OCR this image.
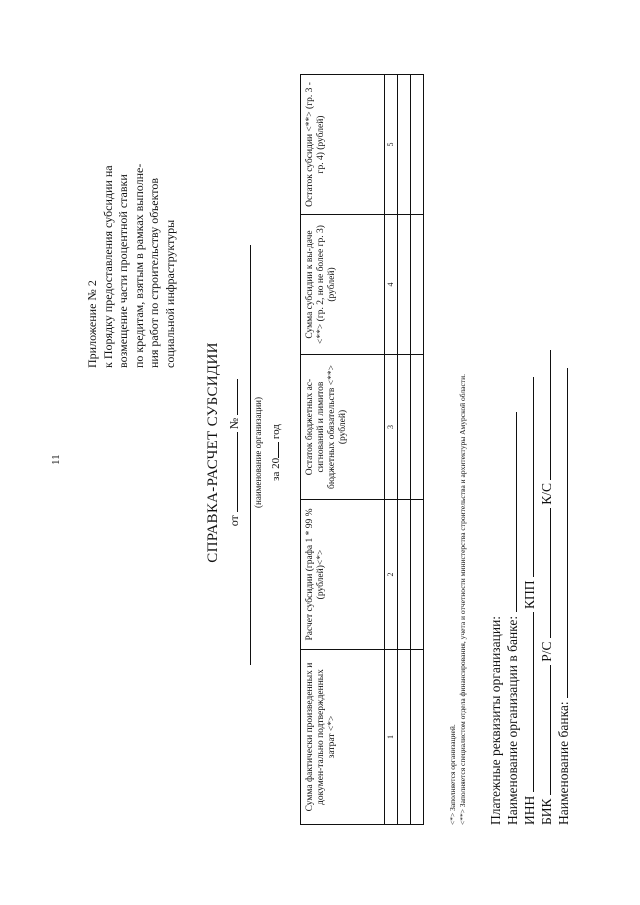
11
Приложение № 2 к Порядку предоставления субсидии на возмещение части процентной ставки по кредитам, взятым в рамках выполне- ния работ по строительству объектов социальной инфраструктуры
СПРАВКА-РАСЧЕТ СУБСИДИИ от  № (наименование организации) за 20 год
Сумма фактически произведенных и докумен-тально подтвержденных затрат <*>	Расчет субсидии (графа 1 * 99 % (рублей)<*>	Остаток бюджетных ас-сигнований и лимитов бюджетных обязательств <**> (рублей)	Сумма субсидии к вы-даче <**> (гр. 2, но не более гр. 3) (рублей)	Остаток субсидии <**> (гр. 3 - гр. 4) (рублей)
1	2	3	4	5

<*> Заполняется организацией. <**> Заполняется специалистом отдела финансирования, учета и отчетности министерства строительства и архитектуры Амурской области. Платежные реквизиты организации: Наименование организации в банке: ИНН  КПП
БИК  Р/С  К/С
Наименование банка:
